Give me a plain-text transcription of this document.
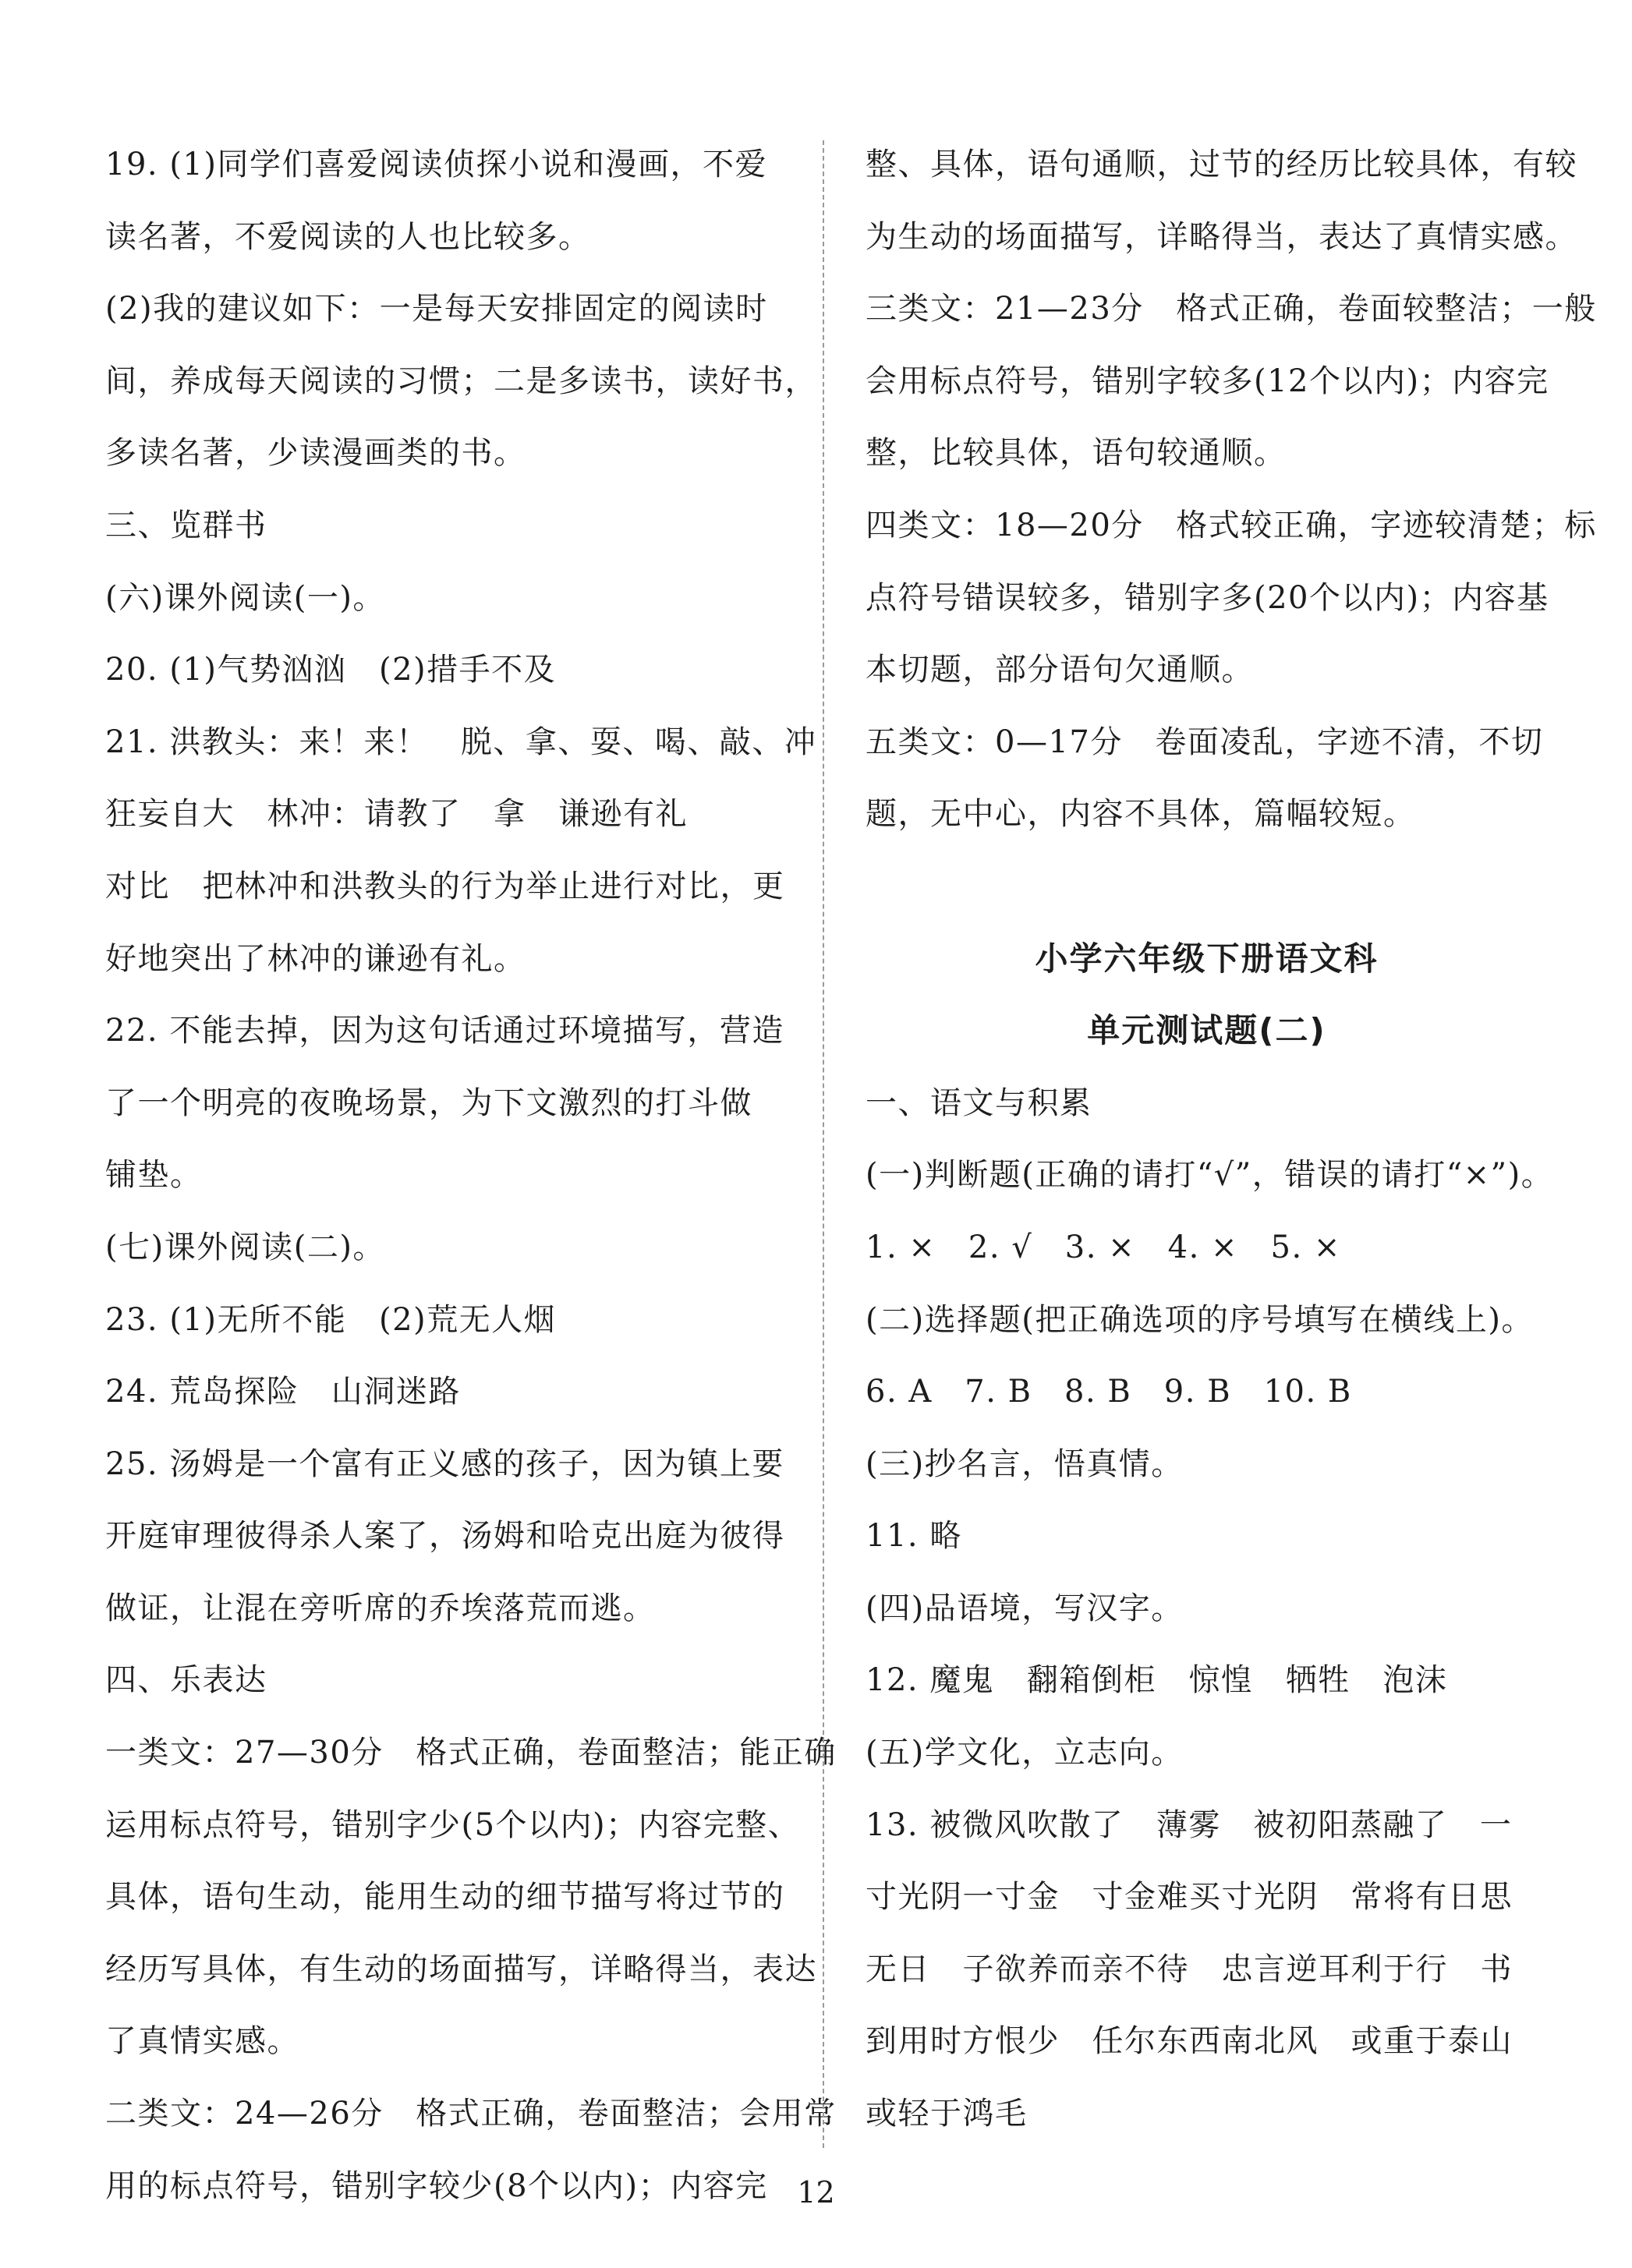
19. (1)同学们喜爱阅读侦探小说和漫画，不爱
读名著，不爱阅读的人也比较多。
(2)我的建议如下：一是每天安排固定的阅读时
间，养成每天阅读的习惯；二是多读书，读好书，
多读名著，少读漫画类的书。
三、览群书
(六)课外阅读(一)。
20. (1)气势汹汹　(2)措手不及
21. 洪教头：来！来！　脱、拿、耍、喝、敲、冲
狂妄自大　林冲：请教了　拿　谦逊有礼
对比　把林冲和洪教头的行为举止进行对比，更
好地突出了林冲的谦逊有礼。
22. 不能去掉，因为这句话通过环境描写，营造
了一个明亮的夜晚场景，为下文激烈的打斗做
铺垫。
(七)课外阅读(二)。
23. (1)无所不能　(2)荒无人烟
24. 荒岛探险　山洞迷路
25. 汤姆是一个富有正义感的孩子，因为镇上要
开庭审理彼得杀人案了，汤姆和哈克出庭为彼得
做证，让混在旁听席的乔埃落荒而逃。
四、乐表达
一类文：27—30分　格式正确，卷面整洁；能正确
运用标点符号，错别字少(5个以内)；内容完整、
具体，语句生动，能用生动的细节描写将过节的
经历写具体，有生动的场面描写，详略得当，表达
了真情实感。
二类文：24—26分　格式正确，卷面整洁；会用常
用的标点符号，错别字较少(8个以内)；内容完
整、具体，语句通顺，过节的经历比较具体，有较
为生动的场面描写，详略得当，表达了真情实感。
三类文：21—23分　格式正确，卷面较整洁；一般
会用标点符号，错别字较多(12个以内)；内容完
整，比较具体，语句较通顺。
四类文：18—20分　格式较正确，字迹较清楚；标
点符号错误较多，错别字多(20个以内)；内容基
本切题，部分语句欠通顺。
五类文：0—17分　卷面凌乱，字迹不清，不切
题，无中心，内容不具体，篇幅较短。
小学六年级下册语文科
单元测试题(二)
一、语文与积累
(一)判断题(正确的请打“√”，错误的请打“×”)。
1. ×　2. √　3. ×　4. ×　5. ×
(二)选择题(把正确选项的序号填写在横线上)。
6. A　7. B　8. B　9. B　10. B
(三)抄名言，悟真情。
11. 略
(四)品语境，写汉字。
12. 魔鬼　翻箱倒柜　惊惶　牺牲　泡沫
(五)学文化，立志向。
13. 被微风吹散了　薄雾　被初阳蒸融了　一
寸光阴一寸金　寸金难买寸光阴　常将有日思
无日　子欲养而亲不待　忠言逆耳利于行　书
到用时方恨少　任尔东西南北风　或重于泰山
或轻于鸿毛
12
